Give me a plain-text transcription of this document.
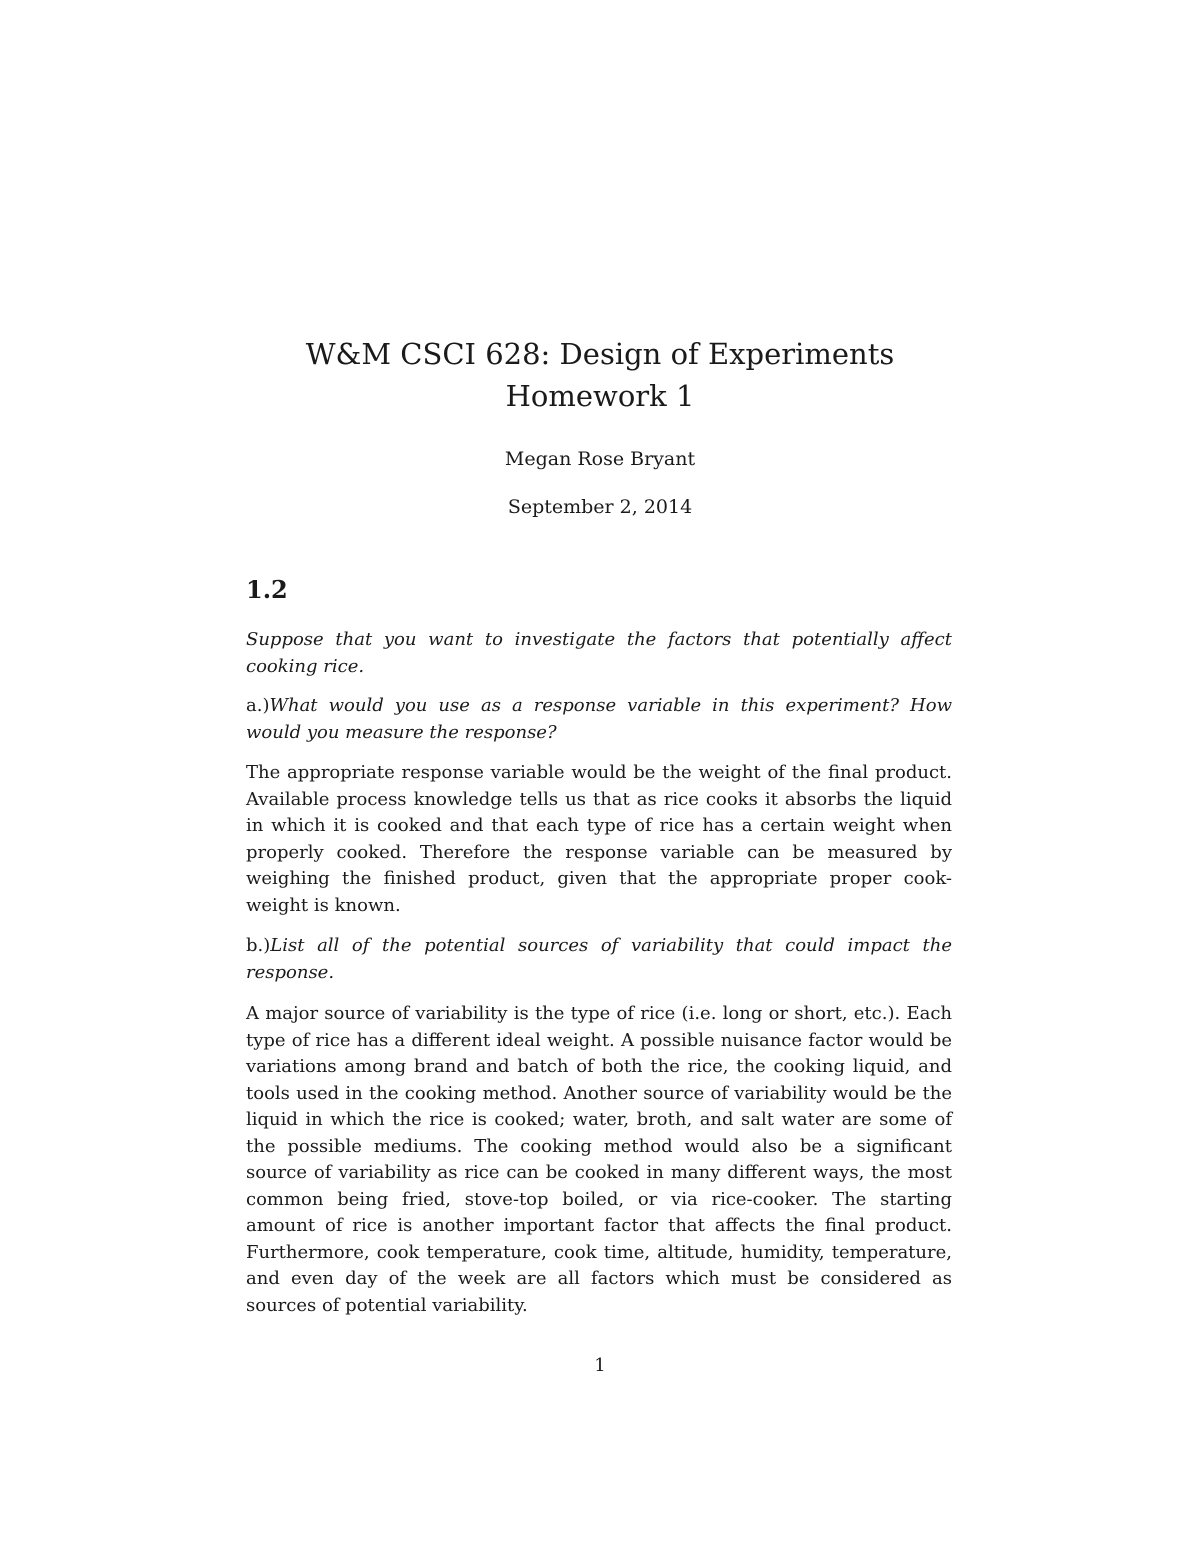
W&M CSCI 628: Design of Experiments
Homework 1
Megan Rose Bryant
September 2, 2014
1.2

Suppose that you want to investigate the factors that potentially affect cooking rice.

a.)What would you use as a response variable in this experiment? How would you measure the response?

The appropriate response variable would be the weight of the final product. Available process knowledge tells us that as rice cooks it absorbs the liquid in which it is cooked and that each type of rice has a certain weight when properly cooked. Therefore the response variable can be measured by weighing the finished product, given that the appropriate proper cook-weight is known.

b.)List all of the potential sources of variability that could impact the response.

A major source of variability is the type of rice (i.e. long or short, etc.). Each type of rice has a different ideal weight. A possible nuisance factor would be variations among brand and batch of both the rice, the cooking liquid, and tools used in the cooking method. Another source of variability would be the liquid in which the rice is cooked; water, broth, and salt water are some of the possible mediums. The cooking method would also be a significant source of variability as rice can be cooked in many different ways, the most common being fried, stove-top boiled, or via rice-cooker. The starting amount of rice is another important factor that affects the final product. Furthermore, cook temperature, cook time, altitude, humidity, temperature, and even day of the week are all factors which must be considered as sources of potential variability.

1
